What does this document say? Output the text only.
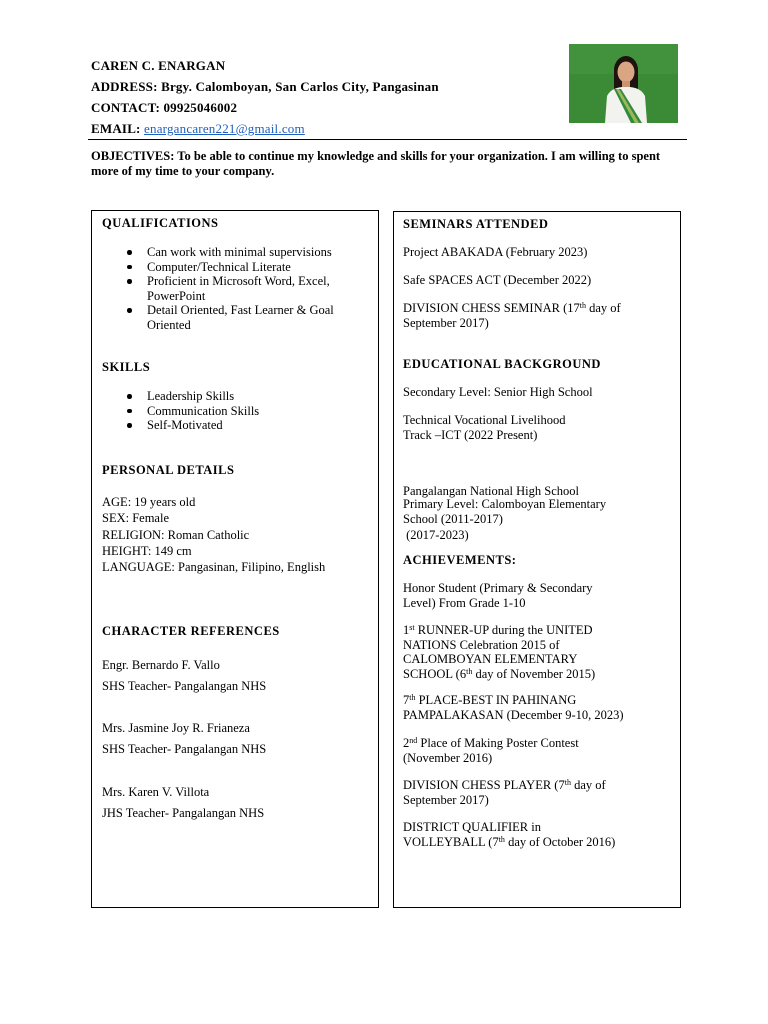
CAREN C. ENARGAN
ADDRESS: Brgy. Calomboyan, San Carlos City, Pangasinan
CONTACT: 09925046002
EMAIL: enargancaren221@gmail.com
OBJECTIVES: To be able to continue my knowledge and skills for your organization. I am willing to spent more of my time to your company.
QUALIFICATIONS
Can work with minimal supervisions
Computer/Technical Literate
Proficient in Microsoft Word, Excel, PowerPoint
Detail Oriented, Fast Learner & Goal Oriented
SKILLS
Leadership Skills
Communication Skills
Self-Motivated
PERSONAL DETAILS
AGE: 19 years old
SEX: Female
RELIGION: Roman Catholic
HEIGHT: 149 cm
LANGUAGE: Pangasinan, Filipino, English
CHARACTER REFERENCES
Engr. Bernardo F. Vallo
SHS Teacher- Pangalangan NHS
Mrs. Jasmine Joy R. Frianeza
SHS Teacher- Pangalangan NHS
Mrs. Karen V. Villota
JHS Teacher- Pangalangan NHS
SEMINARS ATTENDED
Project ABAKADA (February 2023)
Safe SPACES ACT (December 2022)
DIVISION CHESS SEMINAR (17th day of
September 2017)
EDUCATIONAL BACKGROUND
Secondary Level: Senior High School
Technical Vocational Livelihood
Track –ICT (2022 Present)

Pangalangan National High School

(2017-2023)

Primary Level: Calomboyan Elementary
School (2011-2017)
ACHIEVEMENTS:
Honor Student (Primary & Secondary
Level) From Grade 1-10
1st RUNNER-UP during the UNITED
NATIONS Celebration 2015 of
CALOMBOYAN ELEMENTARY
SCHOOL (6th day of November 2015)
7th PLACE-BEST IN PAHINANG
PAMPALAKASAN (December 9-10, 2023)
2nd Place of Making Poster Contest
(November 2016)
DIVISION CHESS PLAYER (7th day of
September 2017)
DISTRICT QUALIFIER in
VOLLEYBALL (7th day of October 2016)
